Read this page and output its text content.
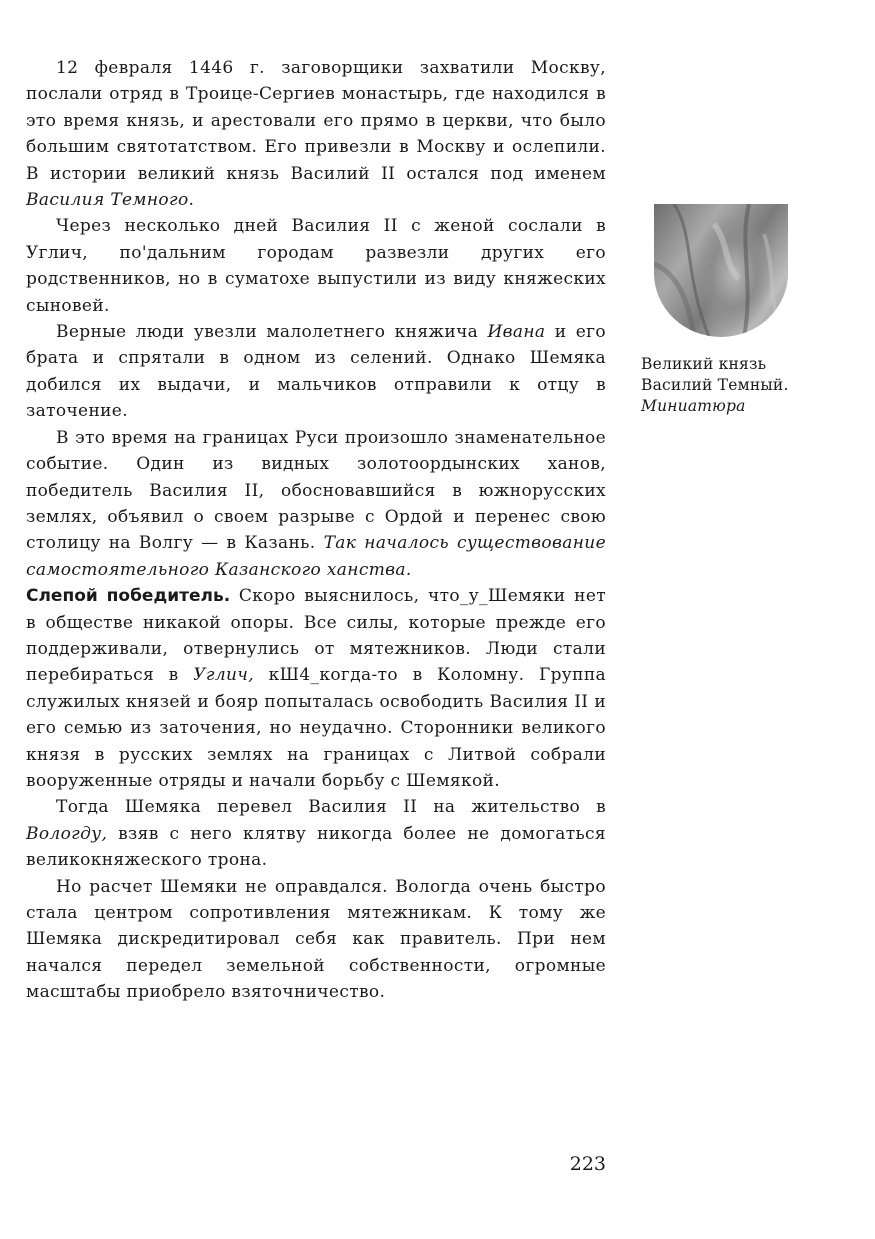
12 февраля 1446 г. заговорщики захватили Москву, послали отряд в Троице-Сергиев монастырь, где находился в это время князь, и арестовали его прямо в церкви, что было большим святотатством. Его привезли в Москву и ослепили. В истории великий князь Василий II остался под именем Василия Темного.

Через несколько дней Василия II с женой сослали в Углич, по'дальним городам развезли других его родственников, но в суматохе выпустили из виду княжеских сыновей.

Верные люди увезли малолетнего княжича Ивана и его брата и спрятали в одном из селений. Однако Шемяка добился их выдачи, и мальчиков отправили к отцу в заточение.

В это время на границах Руси произошло знаменательное событие. Один из видных золотоордынских ханов, победитель Василия II, обосновавшийся в южнорусских землях, объявил о своем разрыве с Ордой и перенес свою столицу на Волгу — в Казань. Так началось существование самостоятельного Казанского ханства.

Слепой победитель. Скоро выяснилось, что_у_Шемяки нет в обществе никакой опоры. Все силы, которые прежде его поддерживали, отвернулись от мятежников. Люди стали перебираться в Углич, кШ4_когда-то в Коломну. Группа служилых князей и бояр попыталась освободить Василия II и его семью из заточения, но неудачно. Сторонники великого князя в русских землях на границах с Литвой собрали вооруженные отряды и начали борьбу с Шемякой.

Тогда Шемяка перевел Василия II на жительство в Вологду, взяв с него клятву никогда более не домогаться великокняжеского трона.

Но расчет Шемяки не оправдался. Вологда очень быстро стала центром сопротивления мятежникам. К тому же Шемяка дискредитировал себя как правитель. При нем начался передел земельной собственности, огромные масштабы приобрело взяточничество.

Великий князь
Василий Темный.
Миниатюра
223
